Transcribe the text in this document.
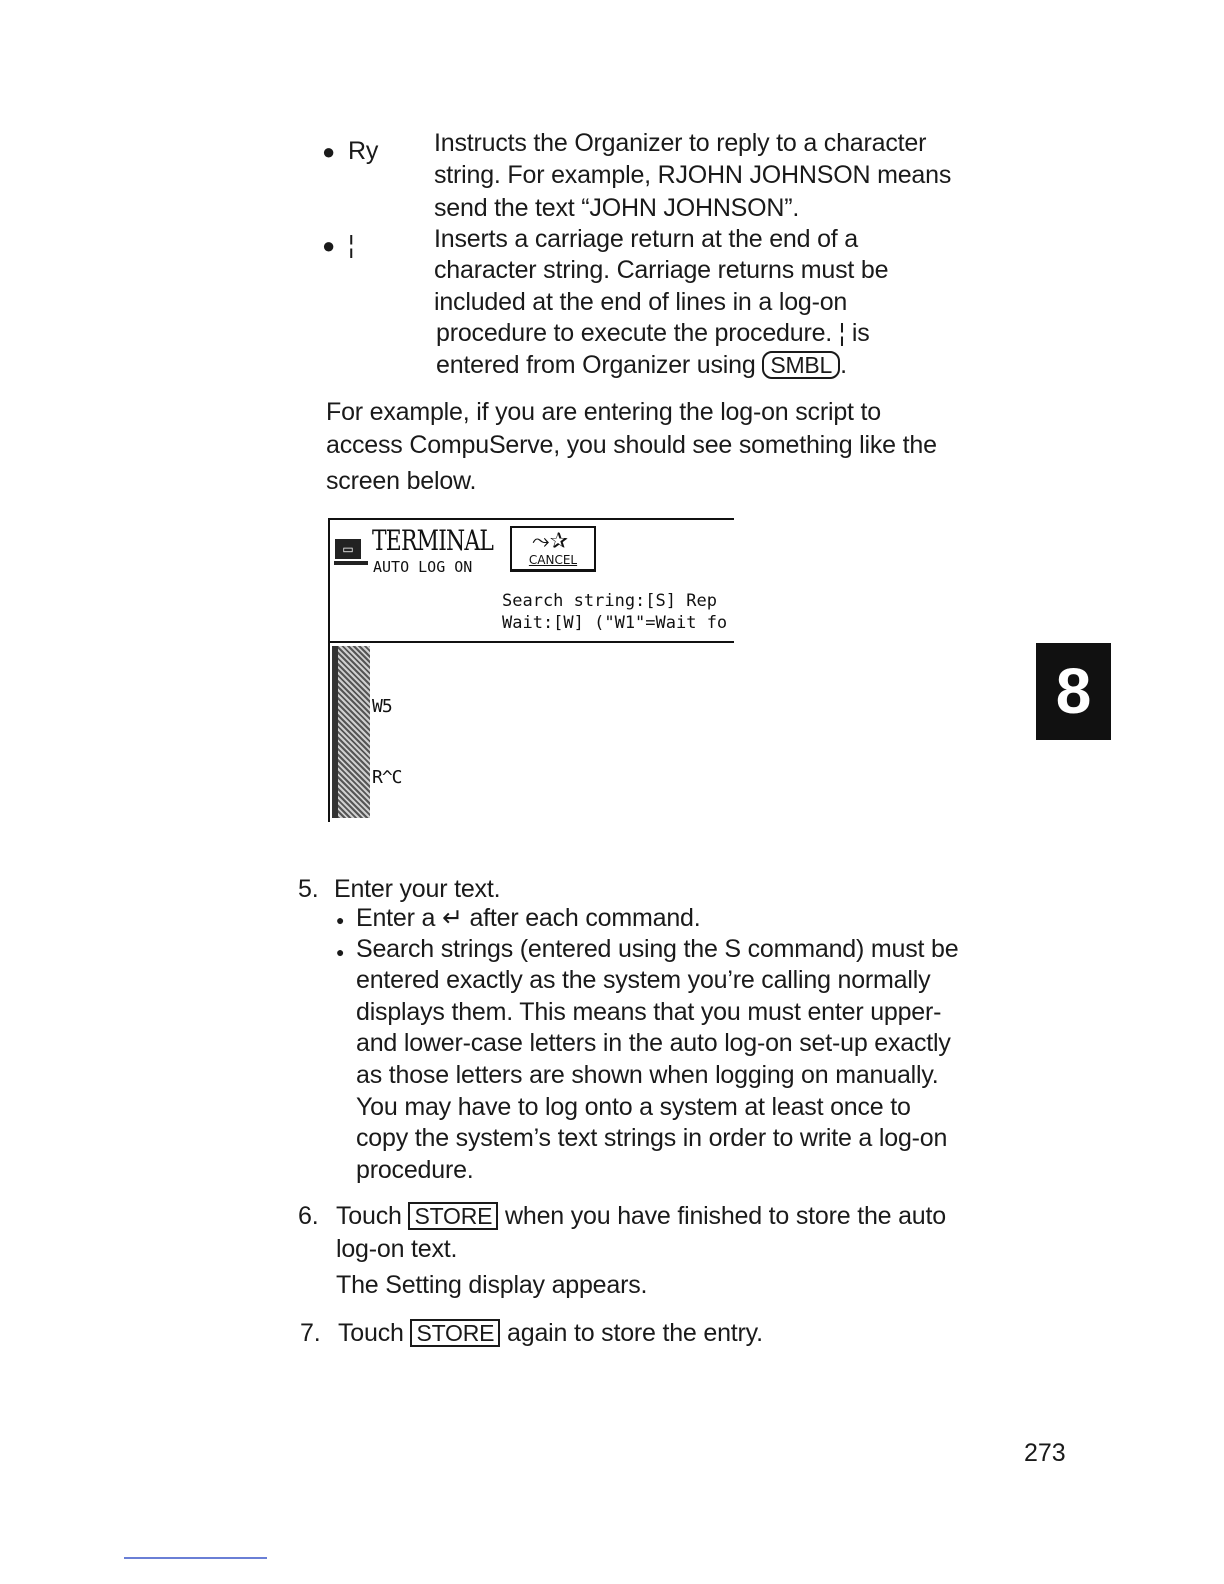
● Ry Instructs the Organizer to reply to a character
string. For example, RJOHN JOHNSON means
send the text “JOHN JOHNSON”.
● ¦	Inserts a carriage return at the end of a
character string. Carriage returns must be
included at the end of lines in a log-on
procedure to execute the procedure. ¦ is
entered from Organizer using SMBL .
For example, if you are entering the log-on script to
access CompuServe, you should see something like the
screen below.
▭ TERMINAL
AUTO LOG ON
⤳✰
CANCEL
Search string:[S] Rep
Wait:[W] ("W1"=Wait fo

W5

R^C

5. Enter your text.
● Enter a ↵ after each command.
● Search strings (entered using the S command) must be
entered exactly as the system you’re calling normally
displays them. This means that you must enter upper-
and lower-case letters in the auto log-on set-up exactly
as those letters are shown when logging on manually.
You may have to log onto a system at least once to
copy the system’s text strings in order to write a log-on
procedure.
6. Touch STORE when you have finished to store the auto
log-on text.
The Setting display appears.
7. Touch STORE again to store the entry.
8
273
